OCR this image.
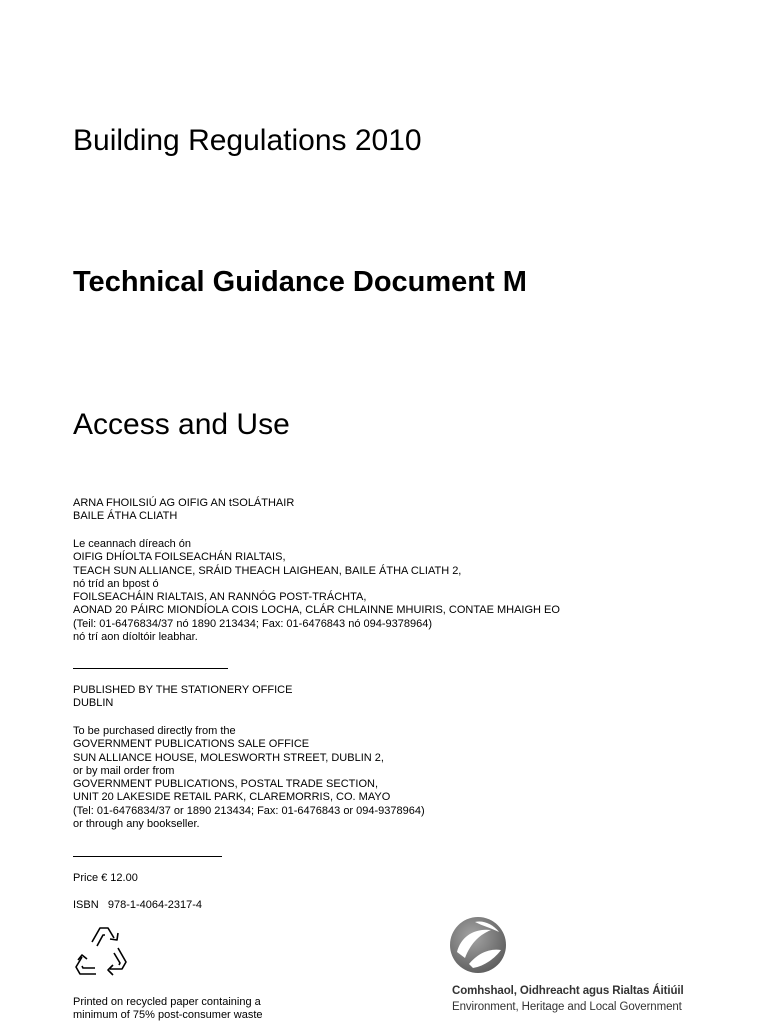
Building Regulations 2010
Technical Guidance Document M
Access and Use
ARNA FHOILSIÚ AG OIFIG AN tSOLÁTHAIR
BAILE ÁTHA CLIATH
Le ceannach díreach ón
OIFIG DHÍOLTA FOILSEACHÁN RIALTAIS,
TEACH SUN ALLIANCE, SRÁID THEACH LAIGHEAN, BAILE ÁTHA CLIATH 2,
nó tríd an bpost ó
FOILSEACHÁIN RIALTAIS, AN RANNÓG POST-TRÁCHTA,
AONAD 20 PÁIRC MIONDÍOLA COIS LOCHA, CLÁR CHLAINNE MHUIRIS, CONTAE MHAIGH EO
(Teil: 01-6476834/37 nó 1890 213434; Fax: 01-6476843 nó 094-9378964)
nó trí aon díoltóir leabhar.
PUBLISHED BY THE STATIONERY OFFICE
DUBLIN
To be purchased directly from the
GOVERNMENT PUBLICATIONS SALE OFFICE
SUN ALLIANCE HOUSE, MOLESWORTH STREET, DUBLIN 2,
or by mail order from
GOVERNMENT PUBLICATIONS, POSTAL TRADE SECTION,
UNIT 20 LAKESIDE RETAIL PARK, CLAREMORRIS, CO. MAYO
(Tel: 01-6476834/37 or 1890 213434; Fax: 01-6476843 or 094-9378964)
or through any bookseller.
Price € 12.00
ISBN   978-1-4064-2317-4
Printed on recycled paper containing a
minimum of 75% post-consumer waste
Comhshaol, Oidhreacht agus Rialtas Áitiúil
Environment, Heritage and Local Government
